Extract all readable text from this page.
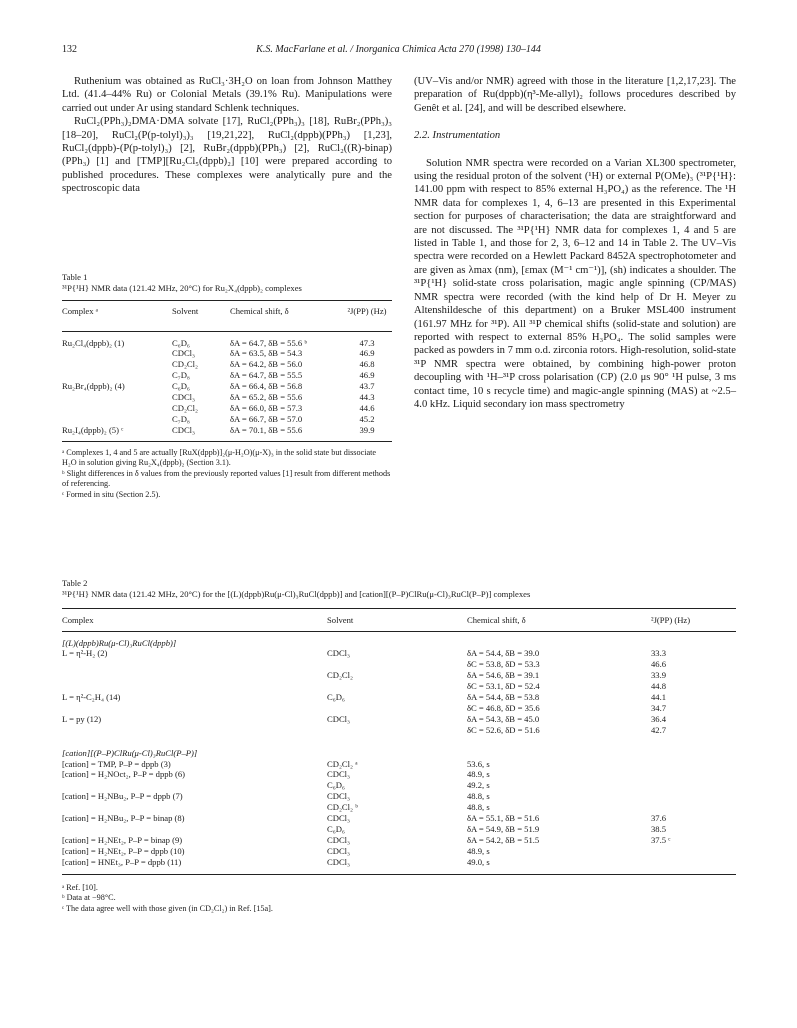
132	K.S. MacFarlane et al. / Inorganica Chimica Acta 270 (1998) 130–144

Ruthenium was obtained as RuCl₃·3H₂O on loan from Johnson Matthey Ltd. (41.4–44% Ru) or Colonial Metals (39.1% Ru). Manipulations were carried out under Ar using standard Schlenk techniques.

RuCl₂(PPh₃)₂DMA·DMA solvate [17], RuCl₂(PPh₃)₃ [18], RuBr₂(PPh₃)₃ [18–20], RuCl₂(P(p-tolyl)₃)₃ [19,21,22], RuCl₂(dppb)(PPh₃) [1,23], RuCl₂(dppb)-(P(p-tolyl)₃) [2], RuBr₂(dppb)(PPh₃) [2], RuCl₂((R)-binap)(PPh₃) [1] and [TMP][Ru₂Cl₅(dppb)₂] [10] were prepared according to published procedures. These complexes were analytically pure and the spectroscopic data

(UV–Vis and/or NMR) agreed with those in the literature [1,2,17,23]. The preparation of Ru(dppb)(η³-Me-allyl)₂ follows procedures described by Genêt et al. [24], and will be described elsewhere.

2.2. Instrumentation

Solution NMR spectra were recorded on a Varian XL300 spectrometer, using the residual proton of the solvent (¹H) or external P(OMe)₃ (³¹P{¹H}: 141.00 ppm with respect to 85% external H₃PO₄) as the reference. The ¹H NMR data for complexes 1, 4, 6–13 are presented in this Experimental section for purposes of characterisation; the data are straightforward and are not discussed. The ³¹P{¹H} NMR data for complexes 1, 4 and 5 are listed in Table 1, and those for 2, 3, 6–12 and 14 in Table 2. The UV–Vis spectra were recorded on a Hewlett Packard 8452A spectrophotometer and are given as λmax (nm), [εmax (M⁻¹ cm⁻¹)], (sh) indicates a shoulder. The ³¹P{¹H} solid-state cross polarisation, magic angle spinning (CP/MAS) NMR spectra were recorded (with the kind help of Dr H. Meyer zu Altenshildesche of this department) on a Bruker MSL400 instrument (161.97 MHz for ³¹P). All ³¹P chemical shifts (solid-state and solution) are reported with respect to external 85% H₃PO₄. The solid samples were packed as powders in 7 mm o.d. zirconia rotors. High-resolution, solid-state ³¹P NMR spectra were obtained, by combining high-power proton decoupling with ¹H–³¹P cross polarisation (CP) (2.0 μs 90° ¹H pulse, 3 ms contact time, 10 s recycle time) and magic-angle spinning (MAS) at ~2.5–4.0 kHz. Liquid secondary ion mass spectrometry

Table 1
³¹P{¹H} NMR data (121.42 MHz, 20°C) for Ru₂X₄(dppb)₂ complexes
Complex ᵃ	Solvent	Chemical shift, δ	²J(PP) (Hz)
Ru₂Cl₄(dppb)₂ (1)	C₆D₆	δA = 64.7, δB = 55.6 ᵇ	47.3
	CDCl₃	δA = 63.5, δB = 54.3	46.9
	CD₂Cl₂	δA = 64.2, δB = 56.0	46.8
	C₇D₈	δA = 64.7, δB = 55.5	46.9
Ru₂Br₄(dppb)₂ (4)	C₆D₆	δA = 66.4, δB = 56.8	43.7
	CDCl₃	δA = 65.2, δB = 55.6	44.3
	CD₂Cl₂	δA = 66.0, δB = 57.3	44.6
	C₇D₈	δA = 66.7, δB = 57.0	45.2
Ru₂I₄(dppb)₂ (5) ᶜ	CDCl₃	δA = 70.1, δB = 55.6	39.9

ᵃ Complexes 1, 4 and 5 are actually [RuX(dppb)]₂(μ-H₂O)(μ-X)₃ in the solid state but dissociate H₂O in solution giving Ru₂X₄(dppb)₂ (Section 3.1).
ᵇ Slight differences in δ values from the previously reported values [1] result from different methods of referencing.
ᶜ Formed in situ (Section 2.5).
Table 2
³¹P{¹H} NMR data (121.42 MHz, 20°C) for the [(L)(dppb)Ru(μ-Cl)₃RuCl(dppb)] and [cation][(P–P)ClRu(μ-Cl)₃RuCl(P–P)] complexes
Complex	Solvent	Chemical shift, δ	²J(PP) (Hz)
[(L)(dppb)Ru(μ-Cl)₃RuCl(dppb)]			
L = η²-H₂ (2)	CDCl₃	δA = 54.4, δB = 39.0	33.3
		δC = 53.8, δD = 53.3	46.6
	CD₂Cl₂	δA = 54.6, δB = 39.1	33.9
		δC = 53.1, δD = 52.4	44.8
L = η²-C₂H₄ (14)	C₆D₆	δA = 54.4, δB = 53.8	44.1
		δC = 46.8, δD = 35.6	34.7
L = py (12)	CDCl₃	δA = 54.3, δB = 45.0	36.4
		δC = 52.6, δD = 51.6	42.7
[cation][(P–P)ClRu(μ-Cl)₃RuCl(P–P)]			
[cation] = TMP, P–P = dppb (3)	CD₂Cl₂ ᵃ	53.6, s	
[cation] = H₂NOct₂, P–P = dppb (6)	CDCl₃	48.9, s	
	C₆D₆	49.2, s	
[cation] = H₂NBu₂, P–P = dppb (7)	CDCl₃	48.8, s	
	CD₂Cl₂ ᵇ	48.8, s	
[cation] = H₂NBu₂, P–P = binap (8)	CDCl₃	δA = 55.1, δB = 51.6	37.6
	C₆D₆	δA = 54.9, δB = 51.9	38.5
[cation] = H₂NEt₂, P–P = binap (9)	CDCl₃	δA = 54.2, δB = 51.5	37.5 ᶜ
[cation] = H₂NEt₂, P–P = dppb (10)	CDCl₃	48.9, s	
[cation] = HNEt₃, P–P = dppb (11)	CDCl₃	49.0, s	

ᵃ Ref. [10].
ᵇ Data at −98°C.
ᶜ The data agree well with those given (in CD₂Cl₂) in Ref. [15a].
